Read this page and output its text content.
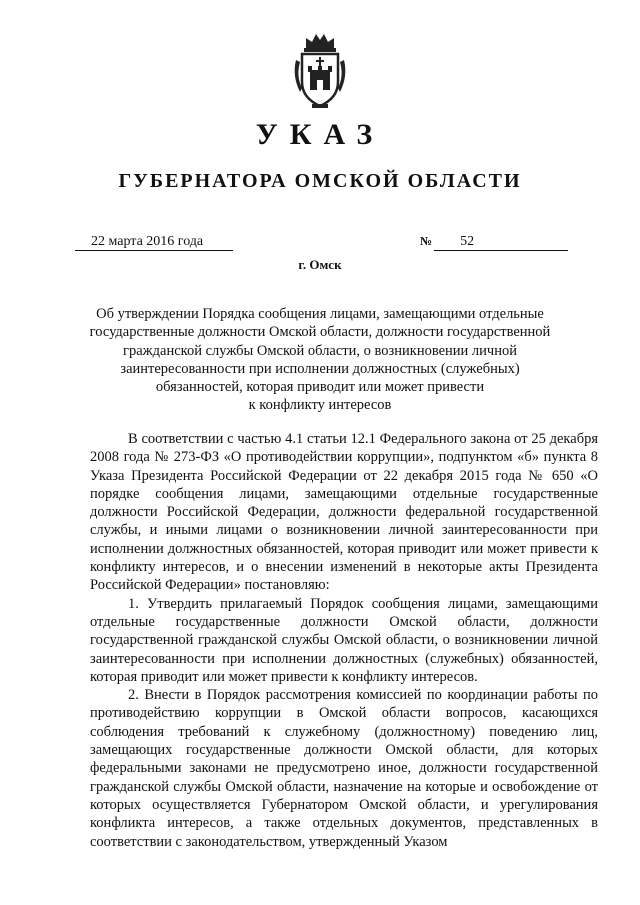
УКАЗ
ГУБЕРНАТОРА ОМСКОЙ ОБЛАСТИ
22 марта 2016 года	№	52
г. Омск
Об утверждении Порядка сообщения лицами, замещающими отдельные
государственные должности Омской области, должности государственной
гражданской службы Омской области, о возникновении личной
заинтересованности при исполнении должностных (служебных)
обязанностей, которая приводит или может привести
к конфликту интересов

В соответствии с частью 4.1 статьи 12.1 Федерального закона от 25 декабря 2008 года № 273-ФЗ «О противодействии коррупции», подпунктом «б» пункта 8 Указа Президента Российской Федерации от 22 декабря 2015 года № 650 «О порядке сообщения лицами, замещающими отдельные государственные должности Российской Федерации, должности федеральной государственной службы, и иными лицами о возникновении личной заинтересованности при исполнении должностных обязанностей, которая приводит или может привести к конфликту интересов, и о внесении изменений в некоторые акты Президента Российской Федерации» постановляю:

1. Утвердить прилагаемый Порядок сообщения лицами, замещающими отдельные государственные должности Омской области, должности государственной гражданской службы Омской области, о возникновении личной заинтересованности при исполнении должностных (служебных) обязанностей, которая приводит или может привести к конфликту интересов.

2. Внести в Порядок рассмотрения комиссией по координации работы по противодействию коррупции в Омской области вопросов, касающихся соблюдения требований к служебному (должностному) поведению лиц, замещающих государственные должности Омской области, для которых федеральными законами не предусмотрено иное, должности государственной гражданской службы Омской области, назначение на которые и освобождение от которых осуществляется Губернатором Омской области, и урегулирования конфликта интересов, а также отдельных документов, представленных в соответствии с законодательством, утвержденный Указом
